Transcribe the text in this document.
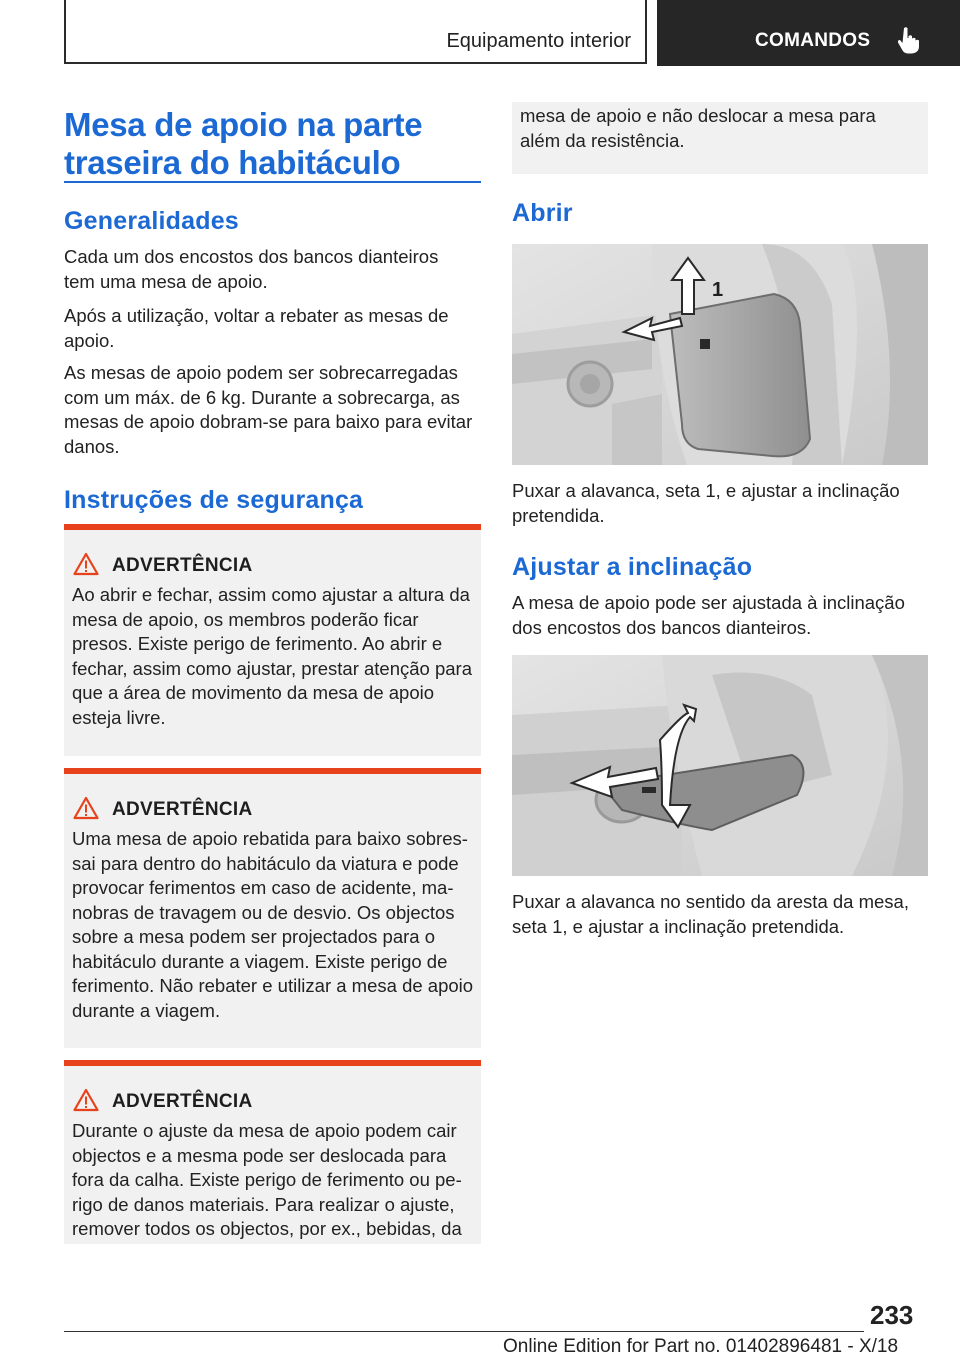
Equipamento interior	COMANDOS
Mesa de apoio na parte traseira do habitáculo
Generalidades

Cada um dos encostos dos bancos dianteiros tem uma mesa de apoio.

Após a utilização, voltar a rebater as mesas de apoio.

As mesas de apoio podem ser sobrecarregadas com um máx. de 6 kg. Durante a sobrecarga, as mesas de apoio dobram-se para baixo para evitar danos.

Instruções de segurança
ADVERTÊNCIA
Ao abrir e fechar, assim como ajustar a altura da mesa de apoio, os membros poderão ficar presos. Existe perigo de ferimento. Ao abrir e fechar, assim como ajustar, prestar atenção para que a área de movimento da mesa de apoio esteja livre.
ADVERTÊNCIA
Uma mesa de apoio rebatida para baixo sobressai para dentro do habitáculo da viatura e pode provocar ferimentos em caso de acidente, manobras de travagem ou de desvio. Os objectos sobre a mesa podem ser projectados para o habitáculo durante a viagem. Existe perigo de ferimento. Não rebater e utilizar a mesa de apoio durante a viagem.
ADVERTÊNCIA
Durante o ajuste da mesa de apoio podem cair objectos e a mesma pode ser deslocada para fora da calha. Existe perigo de ferimento ou perigo de danos materiais. Para realizar o ajuste, remover todos os objectos, por ex., bebidas, da
mesa de apoio e não deslocar a mesa para além da resistência.
Abrir
1

Puxar a alavanca, seta 1, e ajustar a inclinação pretendida.

Ajustar a inclinação

A mesa de apoio pode ser ajustada à inclinação dos encostos dos bancos dianteiros.

Puxar a alavanca no sentido da aresta da mesa, seta 1, e ajustar a inclinação pretendida.

233
Online Edition for Part no. 01402896481 - X/18
